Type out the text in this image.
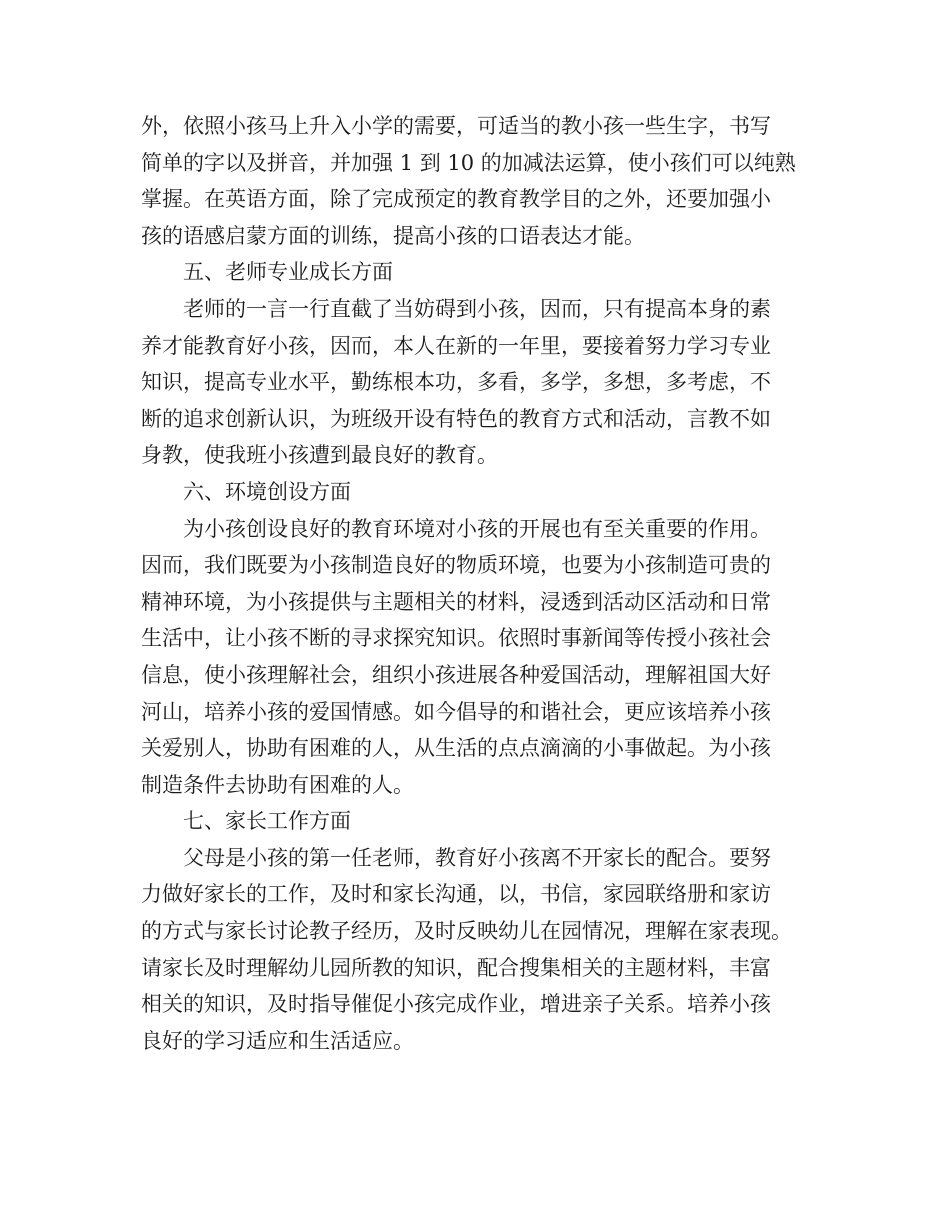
外，依照小孩马上升入小学的需要，可适当的教小孩一些生字，书写
简单的字以及拼音，并加强 1 到 10 的加减法运算，使小孩们可以纯熟
掌握。在英语方面，除了完成预定的教育教学目的之外，还要加强小
孩的语感启蒙方面的训练，提高小孩的口语表达才能。
五、老师专业成长方面
老师的一言一行直截了当妨碍到小孩，因而，只有提高本身的素
养才能教育好小孩，因而，本人在新的一年里，要接着努力学习专业
知识，提高专业水平，勤练根本功，多看，多学，多想，多考虑，不
断的追求创新认识，为班级开设有特色的教育方式和活动，言教不如
身教，使我班小孩遭到最良好的教育。
六、环境创设方面
为小孩创设良好的教育环境对小孩的开展也有至关重要的作用。
因而，我们既要为小孩制造良好的物质环境，也要为小孩制造可贵的
精神环境，为小孩提供与主题相关的材料，浸透到活动区活动和日常
生活中，让小孩不断的寻求探究知识。依照时事新闻等传授小孩社会
信息，使小孩理解社会，组织小孩进展各种爱国活动，理解祖国大好
河山，培养小孩的爱国情感。如今倡导的和谐社会，更应该培养小孩
关爱别人，协助有困难的人，从生活的点点滴滴的小事做起。为小孩
制造条件去协助有困难的人。
七、家长工作方面
父母是小孩的第一任老师，教育好小孩离不开家长的配合。要努
力做好家长的工作，及时和家长沟通，以，书信，家园联络册和家访
的方式与家长讨论教子经历，及时反映幼儿在园情况，理解在家表现。
请家长及时理解幼儿园所教的知识，配合搜集相关的主题材料，丰富
相关的知识，及时指导催促小孩完成作业，增进亲子关系。培养小孩
良好的学习适应和生活适应。
